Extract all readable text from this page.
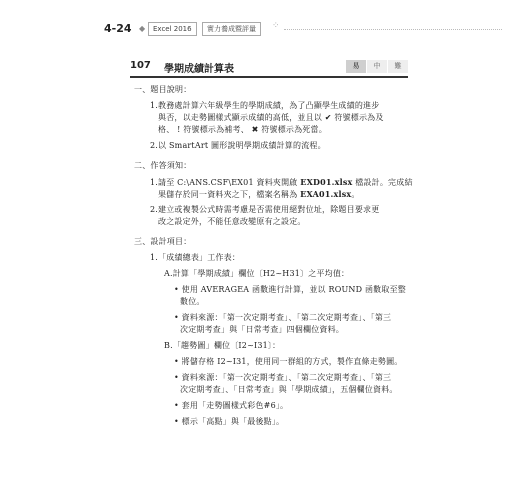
4-24 ◆	Excel 2016	實力養成暨評量	⁘
107 學期成績計算表	易	中	難
一、題目說明：
1.教務處計算六年級學生的學期成績，為了凸顯學生成績的進步
與否，以走勢圖樣式顯示成績的高低，並且以 ✔ 符號標示為及
格、 ! 符號標示為補考、 ✖ 符號標示為死當。
2.以 SmartArt 圖形說明學期成績計算的流程。
二、作答須知：
1.請至 C:\ANS.CSF\EX01 資料夾開啟 EXD01.xlsx 檔設計。完成結
果儲存於同一資料夾之下，檔案名稱為 EXA01.xlsx。
2.建立或複製公式時需考慮是否需使用絕對位址，除題目要求更
改之設定外，不能任意改變原有之設定。
三、設計項目：
1.「成績總表」工作表：
A.計算「學期成績」欄位〔H2~H31〕之平均值：
• 使用 AVERAGEA 函數進行計算，並以 ROUND 函數取至整
數位。
• 資料來源：「第一次定期考查」、「第二次定期考查」、「第三
次定期考查」與「日常考查」四個欄位資料。
B.「趨勢圖」欄位〔I2~I31〕：
• 將儲存格 I2~I31，使用同一群組的方式，製作直條走勢圖。
• 資料來源：「第一次定期考查」、「第二次定期考查」、「第三
次定期考查」、「日常考查」與「學期成績」，五個欄位資料。
• 套用「走勢圖樣式彩色#6」。
• 標示「高點」與「最後點」。
